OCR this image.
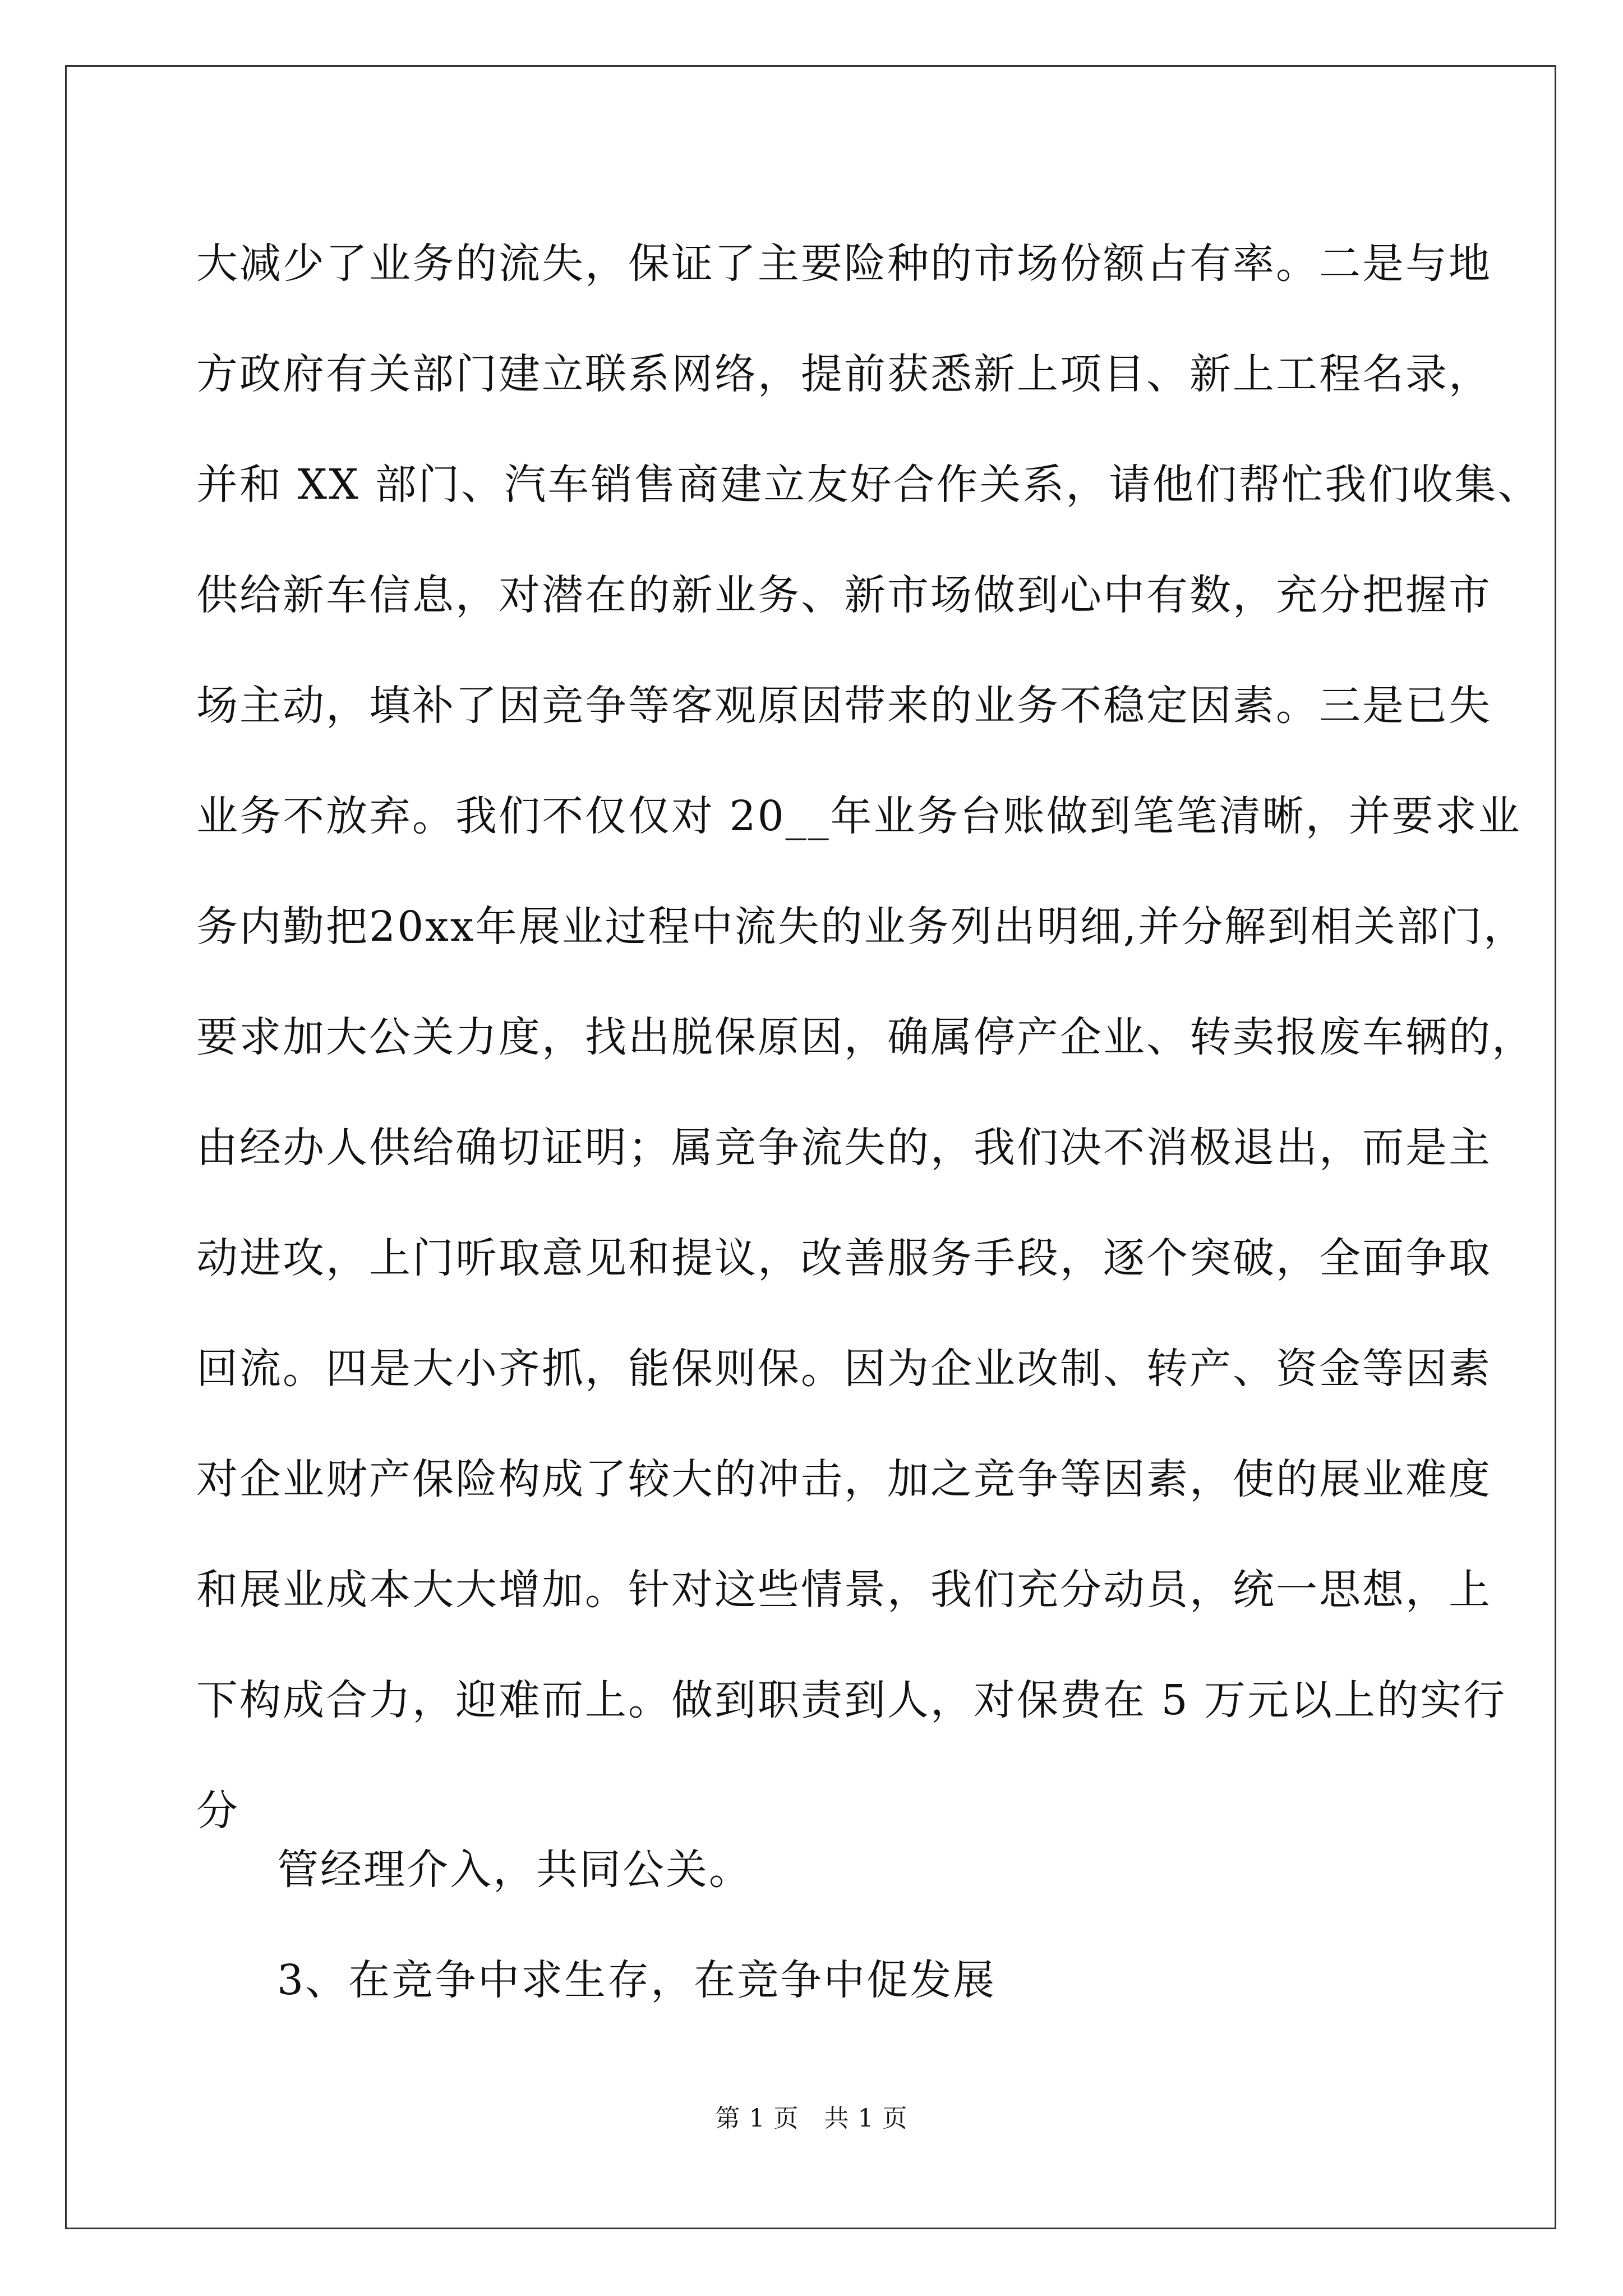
大减少了业务的流失，保证了主要险种的市场份额占有率。二是与地
方政府有关部门建立联系网络，提前获悉新上项目、新上工程名录，
并和 XX 部门、汽车销售商建立友好合作关系，请他们帮忙我们收集、
供给新车信息，对潜在的新业务、新市场做到心中有数，充分把握市
场主动，填补了因竞争等客观原因带来的业务不稳定因素。三是已失
业务不放弃。我们不仅仅对 20__年业务台账做到笔笔清晰，并要求业
务内勤把20xx年展业过程中流失的业务列出明细,并分解到相关部门，
要求加大公关力度，找出脱保原因，确属停产企业、转卖报废车辆的，
由经办人供给确切证明；属竞争流失的，我们决不消极退出，而是主
动进攻，上门听取意见和提议，改善服务手段，逐个突破，全面争取
回流。四是大小齐抓，能保则保。因为企业改制、转产、资金等因素
对企业财产保险构成了较大的冲击，加之竞争等因素，使的展业难度
和展业成本大大增加。针对这些情景，我们充分动员，统一思想，上
下构成合力，迎难而上。做到职责到人，对保费在 5 万元以上的实行
分

管经理介入，共同公关。

3、在竞争中求生存，在竞争中促发展

第 1 页　共 1 页
